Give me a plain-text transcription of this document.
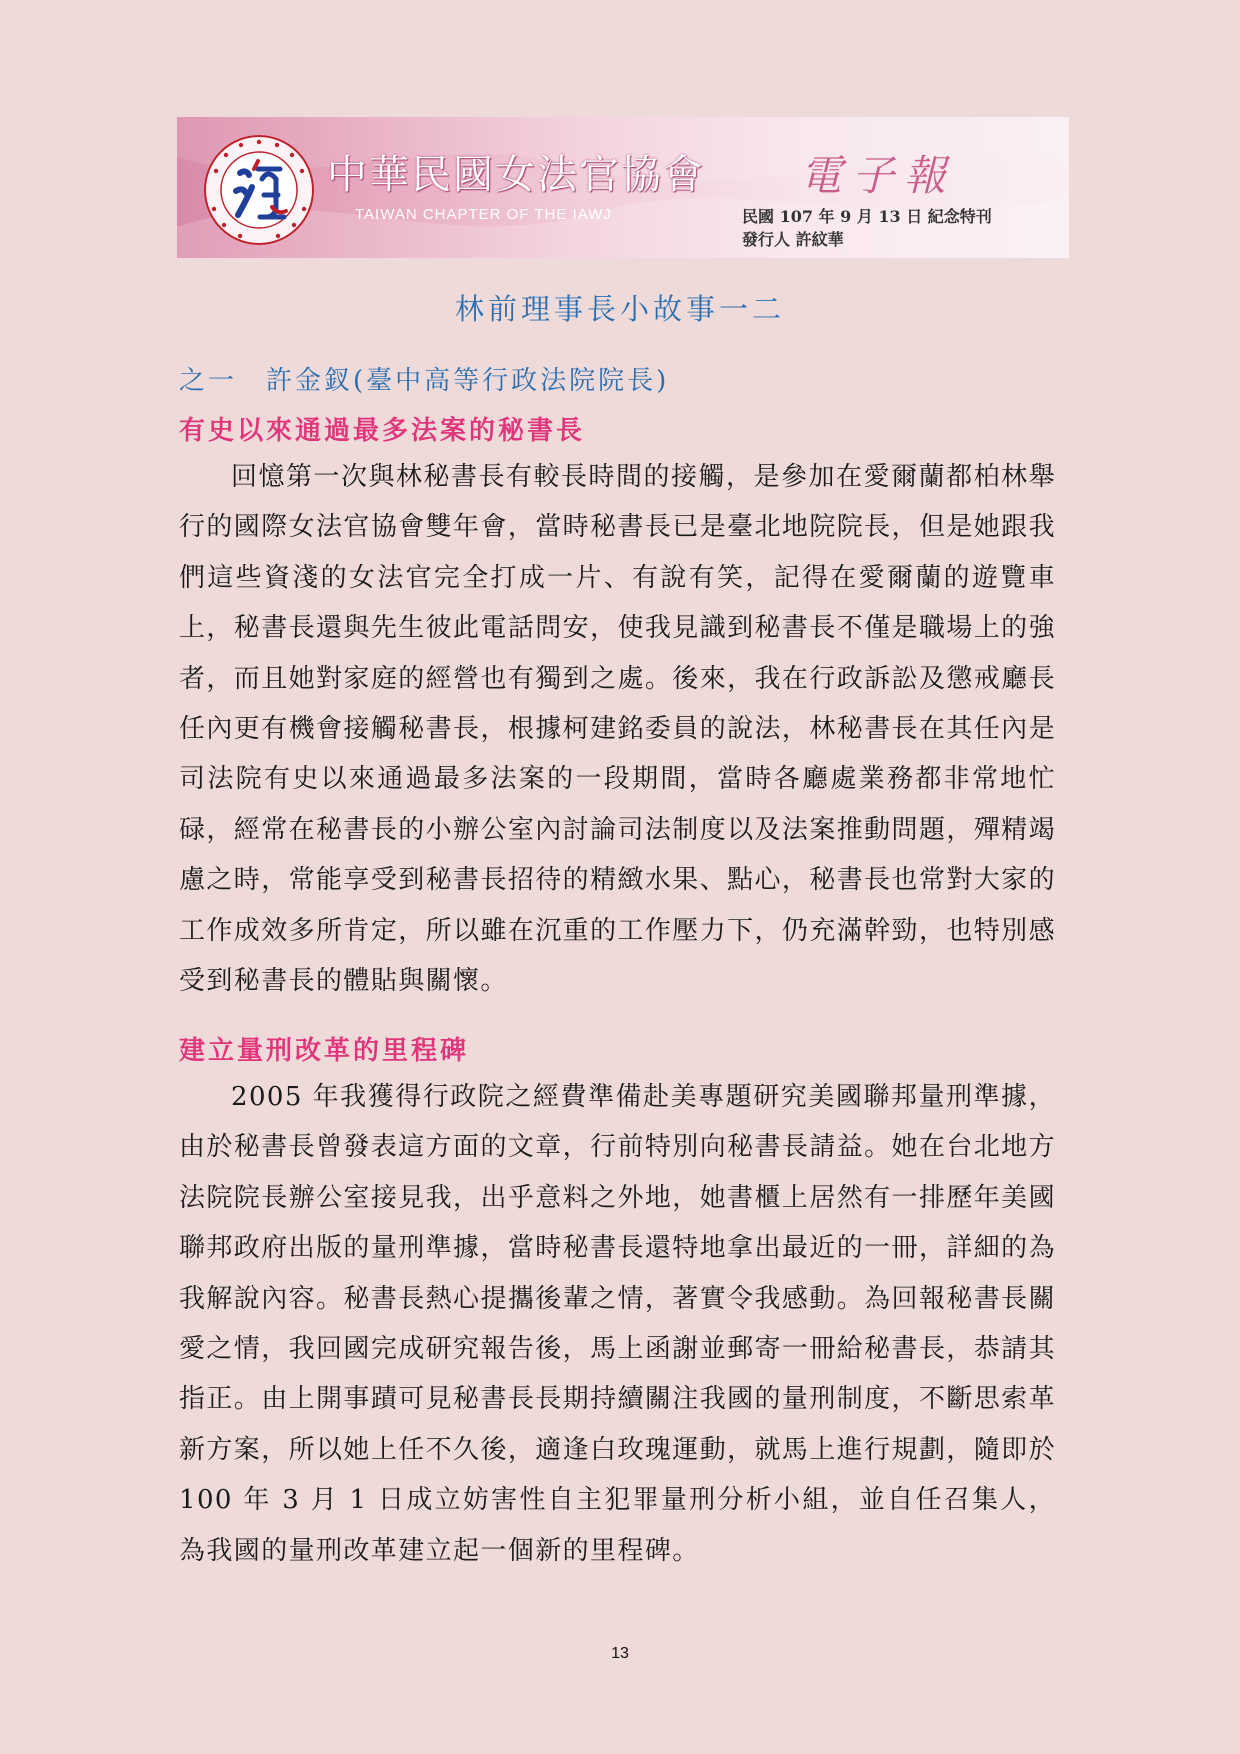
中華民國女法官協會
TAIWAN CHAPTER OF THE IAWJ
電子報
民國 107 年 9 月 13 日 紀念特刊
發行人 許紋華
林前理事長小故事一二
之一　許金釵(臺中高等行政法院院長)
有史以來通過最多法案的秘書長

回憶第一次與林秘書長有較長時間的接觸，是參加在愛爾蘭都柏林舉行的國際女法官協會雙年會，當時秘書長已是臺北地院院長，但是她跟我們這些資淺的女法官完全打成一片、有說有笑，記得在愛爾蘭的遊覽車上，秘書長還與先生彼此電話問安，使我見識到秘書長不僅是職場上的強者，而且她對家庭的經營也有獨到之處。後來，我在行政訴訟及懲戒廳長任內更有機會接觸秘書長，根據柯建銘委員的說法，林秘書長在其任內是司法院有史以來通過最多法案的一段期間，當時各廳處業務都非常地忙碌，經常在秘書長的小辦公室內討論司法制度以及法案推動問題，殫精竭慮之時，常能享受到秘書長招待的精緻水果、點心，秘書長也常對大家的工作成效多所肯定，所以雖在沉重的工作壓力下，仍充滿幹勁，也特別感受到秘書長的體貼與關懷。

建立量刑改革的里程碑

2005 年我獲得行政院之經費準備赴美專題研究美國聯邦量刑準據，由於秘書長曾發表這方面的文章，行前特別向秘書長請益。她在台北地方法院院長辦公室接見我，出乎意料之外地，她書櫃上居然有一排歷年美國聯邦政府出版的量刑準據，當時秘書長還特地拿出最近的一冊，詳細的為我解說內容。秘書長熱心提攜後輩之情，著實令我感動。為回報秘書長關愛之情，我回國完成研究報告後，馬上函謝並郵寄一冊給秘書長，恭請其指正。由上開事蹟可見秘書長長期持續關注我國的量刑制度，不斷思索革新方案，所以她上任不久後，適逢白玫瑰運動，就馬上進行規劃，隨即於 100 年 3 月 1 日成立妨害性自主犯罪量刑分析小組，並自任召集人，為我國的量刑改革建立起一個新的里程碑。

13
